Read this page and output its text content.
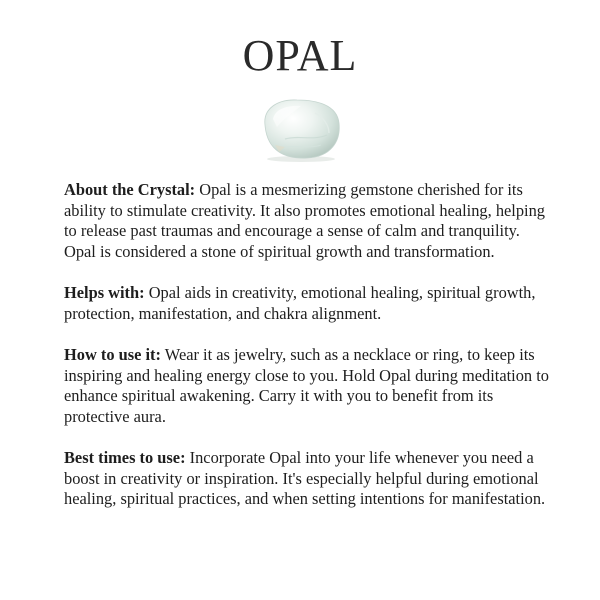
OPAL

About the Crystal: Opal is a mesmerizing gemstone cherished for its ability to stimulate creativity. It also promotes emotional healing, helping to release past traumas and encourage a sense of calm and tranquility. Opal is considered a stone of spiritual growth and transformation.

Helps with: Opal aids in creativity, emotional healing, spiritual growth, protection, manifestation, and chakra alignment.

How to use it: Wear it as jewelry, such as a necklace or ring, to keep its inspiring and healing energy close to you. Hold Opal during meditation to enhance spiritual awakening. Carry it with you to benefit from its protective aura.

Best times to use: Incorporate Opal into your life whenever you need a boost in creativity or inspiration. It's especially helpful during emotional healing, spiritual practices, and when setting intentions for manifestation.
